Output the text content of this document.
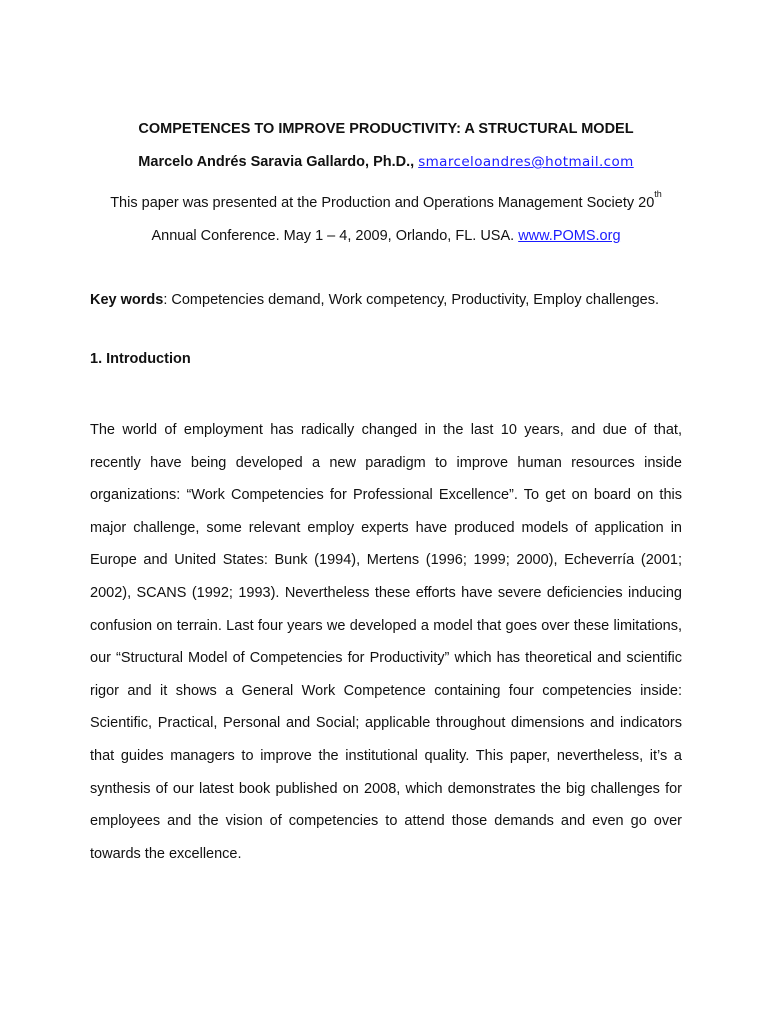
COMPETENCES TO IMPROVE PRODUCTIVITY: A STRUCTURAL MODEL
Marcelo Andrés Saravia Gallardo, Ph.D., smarceloandres@hotmail.com
This paper was presented at the Production and Operations Management Society 20th
Annual Conference. May 1 – 4, 2009, Orlando, FL. USA. www.POMS.org
Key words: Competencies demand, Work competency, Productivity, Employ challenges.
1. Introduction
The world of employment has radically changed in the last 10 years, and due of that, recently have being developed a new paradigm to improve human resources inside organizations: “Work Competencies for Professional Excellence”. To get on board on this major challenge, some relevant employ experts have produced models of application in Europe and United States: Bunk (1994), Mertens (1996; 1999; 2000), Echeverría (2001; 2002), SCANS (1992; 1993). Nevertheless these efforts have severe deficiencies inducing confusion on terrain. Last four years we developed a model that goes over these limitations, our “Structural Model of Competencies for Productivity” which has theoretical and scientific rigor and it shows a General Work Competence containing four competencies inside: Scientific, Practical, Personal and Social; applicable throughout dimensions and indicators that guides managers to improve the institutional quality. This paper, nevertheless, it’s a synthesis of our latest book published on 2008, which demonstrates the big challenges for employees and the vision of competencies to attend those demands and even go over towards the excellence.
